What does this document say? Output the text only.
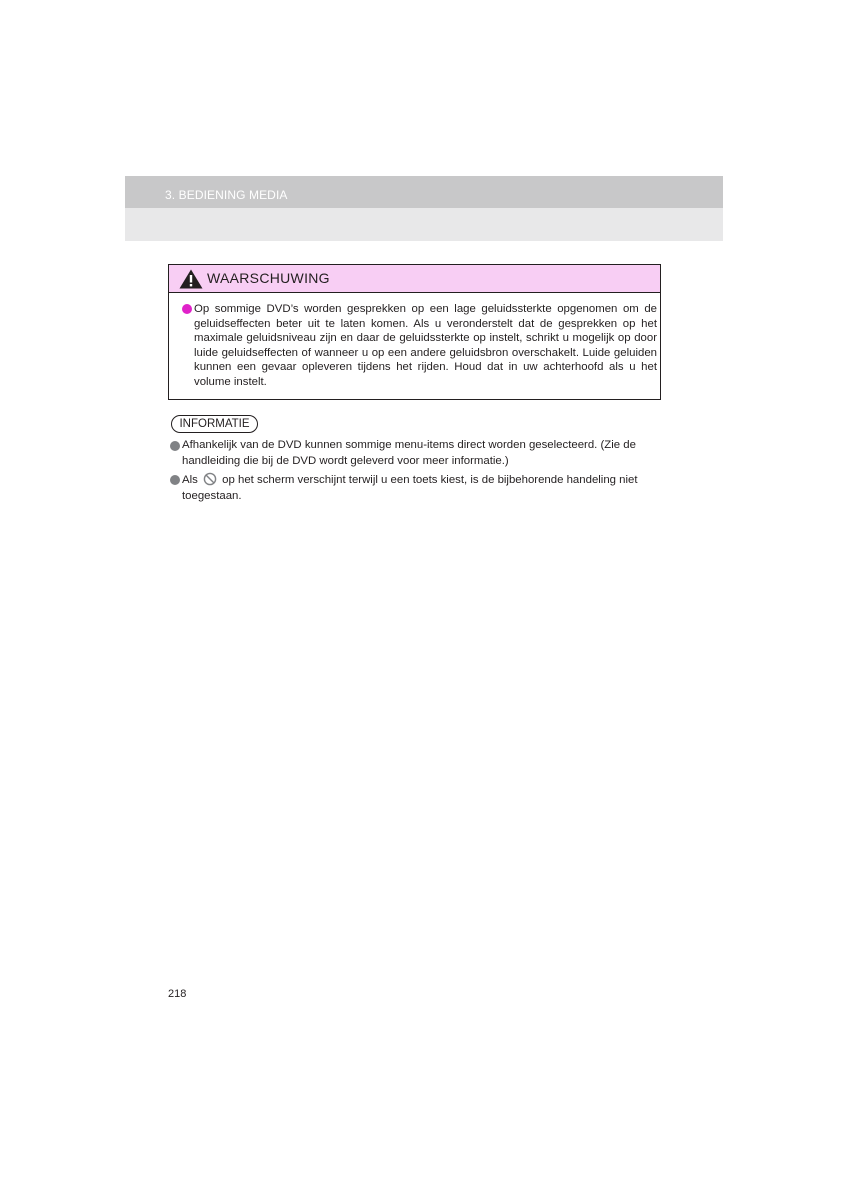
3. BEDIENING MEDIA
WAARSCHUWING
Op sommige DVD’s worden gesprekken op een lage geluidssterkte opgenomen om de geluidseffecten beter uit te laten komen. Als u veronderstelt dat de gesprekken op het maximale geluidsniveau zijn en daar de geluidssterkte op instelt, schrikt u mogelijk op door luide geluidseffecten of wanneer u op een andere geluidsbron overschakelt. Luide geluiden kunnen een gevaar opleveren tijdens het rijden. Houd dat in uw achterhoofd als u het volume instelt.
INFORMATIE
Afhankelijk van de DVD kunnen sommige menu-items direct worden geselecteerd. (Zie de handleiding die bij de DVD wordt geleverd voor meer informatie.)
Als op het scherm verschijnt terwijl u een toets kiest, is de bijbehorende handeling niet toegestaan.
218
